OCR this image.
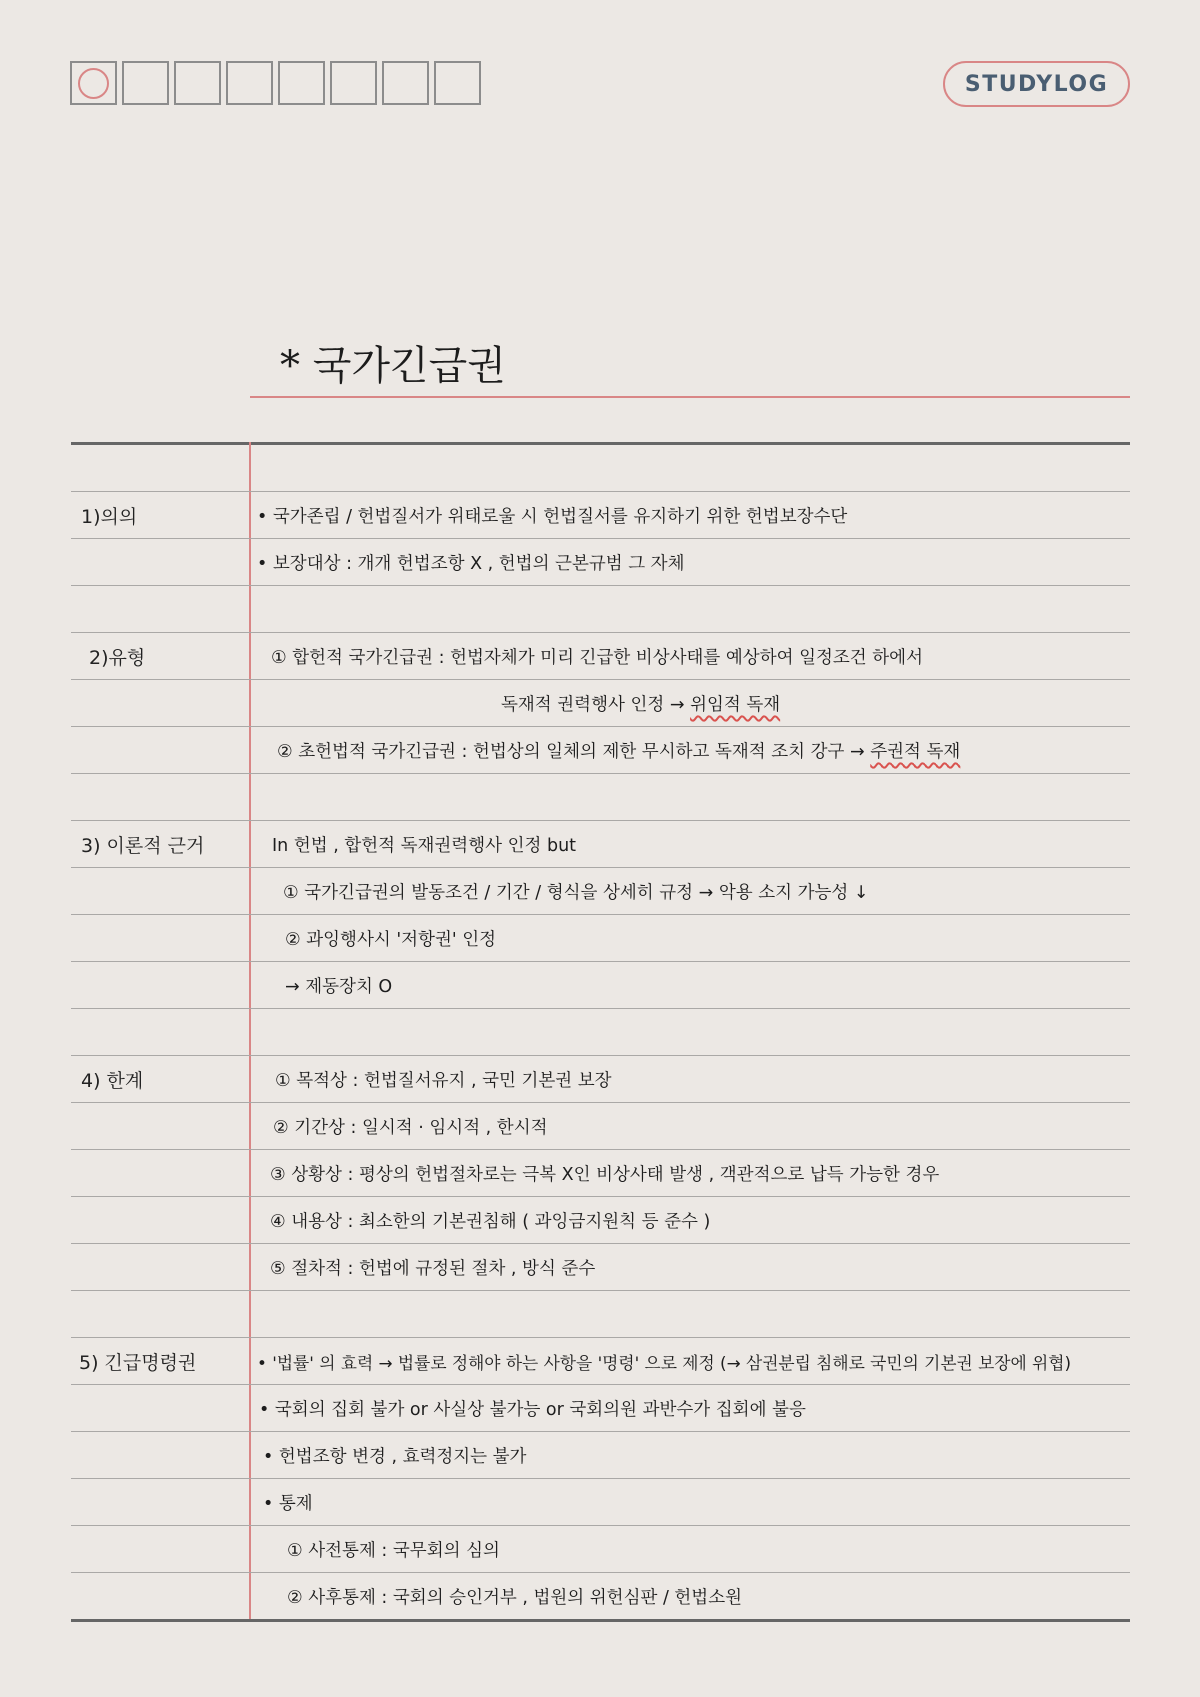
STUDYLOG
* 국가긴급권
1)의의	• 국가존립 / 헌법질서가 위태로울 시 헌법질서를 유지하기 위한 헌법보장수단
• 보장대상 : 개개 헌법조항 X , 헌법의 근본규범 그 자체
2)유형	① 합헌적 국가긴급권 : 헌법자체가 미리 긴급한 비상사태를 예상하여 일정조건 하에서
독재적 권력행사 인정 → 위임적 독재
② 초헌법적 국가긴급권 : 헌법상의 일체의 제한 무시하고 독재적 조치 강구 → 주권적 독재
3) 이론적 근거	In 헌법 , 합헌적 독재권력행사 인정 but
① 국가긴급권의 발동조건 / 기간 / 형식을 상세히 규정 → 악용 소지 가능성 ↓
② 과잉행사시 '저항권' 인정
→ 제동장치 O
4) 한계	① 목적상 : 헌법질서유지 , 국민 기본권 보장
② 기간상 : 일시적 · 임시적 , 한시적
③ 상황상 : 평상의 헌법절차로는 극복 X인 비상사태 발생 , 객관적으로 납득 가능한 경우
④ 내용상 : 최소한의 기본권침해 ( 과잉금지원칙 등 준수 )
⑤ 절차적 : 헌법에 규정된 절차 , 방식 준수
5) 긴급명령권	• '법률' 의 효력 → 법률로 정해야 하는 사항을 '명령' 으로 제정 (→ 삼권분립 침해로 국민의 기본권 보장에 위협)
• 국회의 집회 불가 or 사실상 불가능 or 국회의원 과반수가 집회에 불응
• 헌법조항 변경 , 효력정지는 불가
• 통제
① 사전통제 : 국무회의 심의
② 사후통제 : 국회의 승인거부 , 법원의 위헌심판 / 헌법소원
